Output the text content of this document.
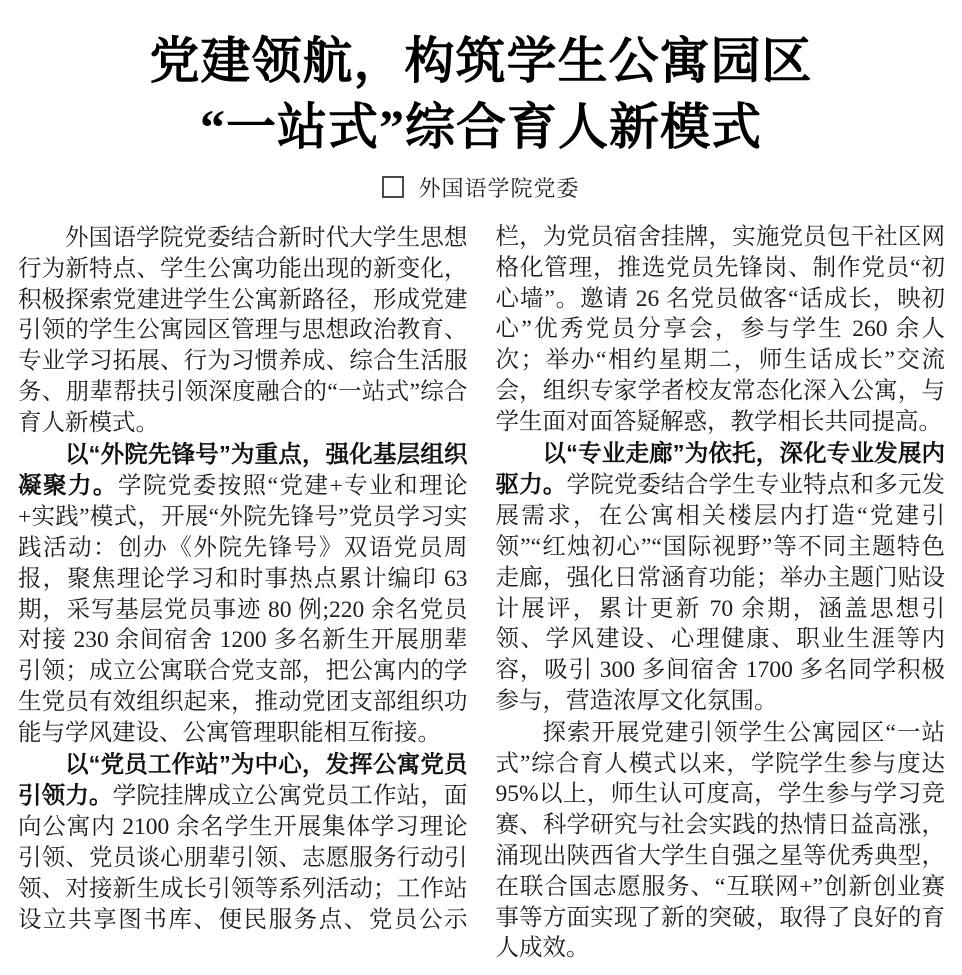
党建领航，构筑学生公寓园区
“一站式”综合育人新模式
外国语学院党委

外国语学院党委结合新时代大学生思想行为新特点、学生公寓功能出现的新变化，积极探索党建进学生公寓新路径，形成党建引领的学生公寓园区管理与思想政治教育、专业学习拓展、行为习惯养成、综合生活服务、朋辈帮扶引领深度融合的“一站式”综合育人新模式。

以“外院先锋号”为重点，强化基层组织凝聚力。学院党委按照“党建+专业和理论+实践”模式，开展“外院先锋号”党员学习实践活动：创办《外院先锋号》双语党员周报，聚焦理论学习和时事热点累计编印 63 期，采写基层党员事迹 80 例;220 余名党员对接 230 余间宿舍 1200 多名新生开展朋辈引领；成立公寓联合党支部，把公寓内的学生党员有效组织起来，推动党团支部组织功能与学风建设、公寓管理职能相互衔接。

以“党员工作站”为中心，发挥公寓党员引领力。学院挂牌成立公寓党员工作站，面向公寓内 2100 余名学生开展集体学习理论引领、党员谈心朋辈引领、志愿服务行动引领、对接新生成长引领等系列活动；工作站设立共享图书库、便民服务点、党员公示栏，为党员宿舍挂牌，实施党员包干社区网格化管理，推选党员先锋岗、制作党员“初心墙”。邀请 26 名党员做客“话成长，映初心”优秀党员分享会，参与学生 260 余人次；举办“相约星期二，师生话成长”交流会，组织专家学者校友常态化深入公寓，与学生面对面答疑解惑，教学相长共同提高。

以“专业走廊”为依托，深化专业发展内驱力。学院党委结合学生专业特点和多元发展需求，在公寓相关楼层内打造“党建引领”“红烛初心”“国际视野”等不同主题特色走廊，强化日常涵育功能；举办主题门贴设计展评，累计更新 70 余期，涵盖思想引领、学风建设、心理健康、职业生涯等内容，吸引 300 多间宿舍 1700 多名同学积极参与，营造浓厚文化氛围。

探索开展党建引领学生公寓园区“一站式”综合育人模式以来，学院学生参与度达 95%以上，师生认可度高，学生参与学习竞赛、科学研究与社会实践的热情日益高涨，涌现出陕西省大学生自强之星等优秀典型，在联合国志愿服务、“互联网+”创新创业赛事等方面实现了新的突破，取得了良好的育人成效。
